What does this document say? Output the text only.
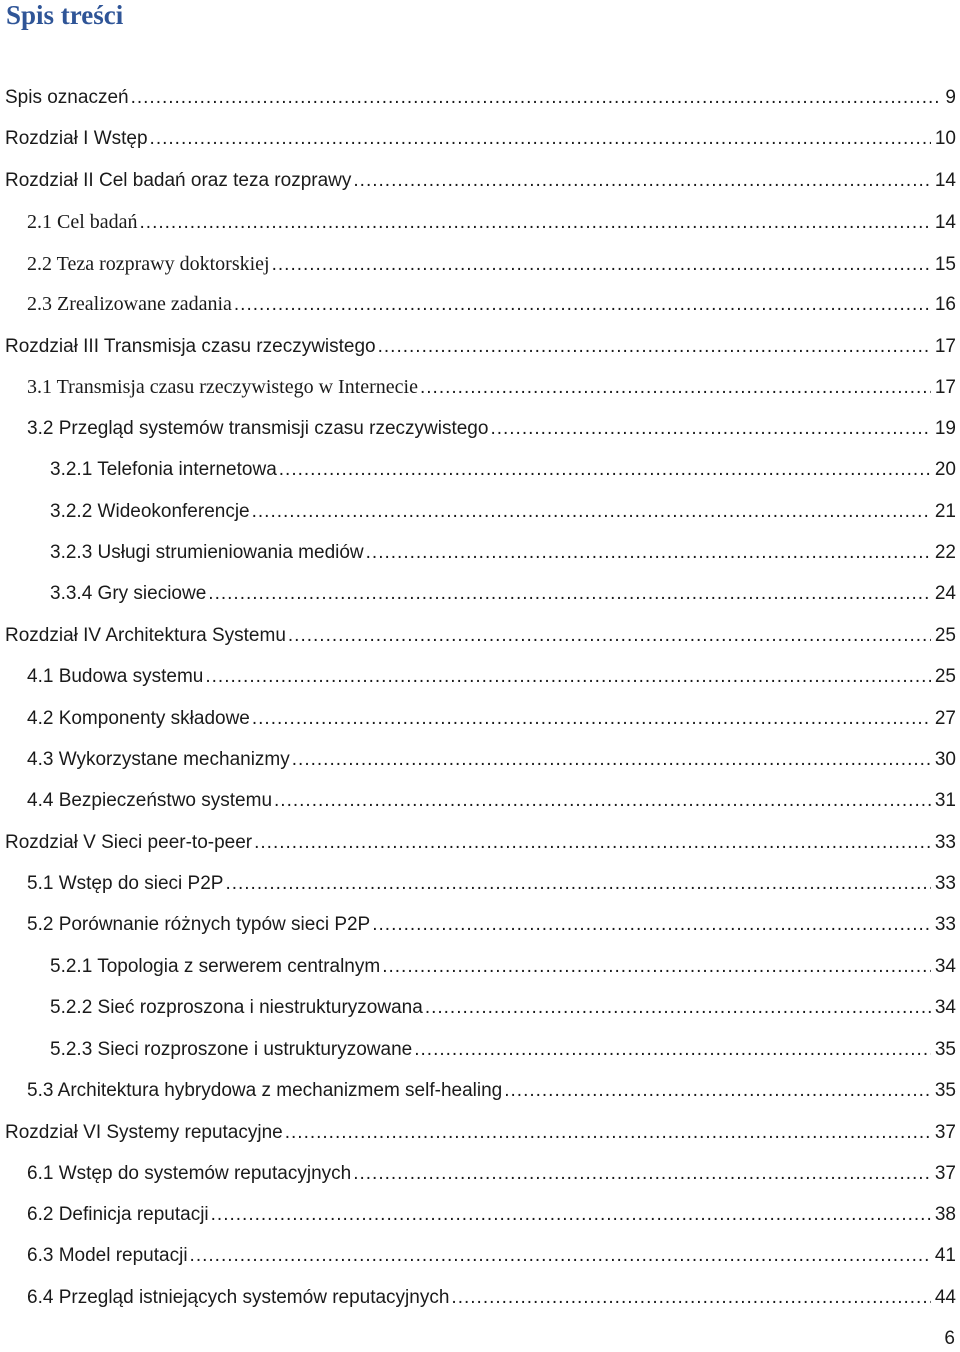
Spis treści
Spis oznaczeń .....	9
Rozdział I Wstęp .....	10
Rozdział II Cel badań oraz teza rozprawy .....	14
2.1 Cel badań .....	14
2.2 Teza rozprawy doktorskiej .....	15
2.3 Zrealizowane zadania .....	16
Rozdział III Transmisja czasu rzeczywistego .....	17
3.1 Transmisja czasu rzeczywistego w Internecie .....	17
3.2 Przegląd systemów transmisji czasu rzeczywistego .....	19
3.2.1 Telefonia internetowa .....	20
3.2.2 Wideokonferencje .....	21
3.2.3 Usługi strumieniowania mediów .....	22
3.3.4 Gry sieciowe .....	24
Rozdział IV Architektura Systemu .....	25
4.1 Budowa systemu .....	25
4.2 Komponenty składowe .....	27
4.3 Wykorzystane mechanizmy .....	30
4.4 Bezpieczeństwo systemu .....	31
Rozdział V Sieci peer-to-peer .....	33
5.1 Wstęp do sieci P2P .....	33
5.2 Porównanie różnych typów sieci P2P .....	33
5.2.1 Topologia z serwerem centralnym .....	34
5.2.2 Sieć rozproszona i niestrukturyzowana .....	34
5.2.3 Sieci rozproszone i ustrukturyzowane .....	35
5.3 Architektura hybrydowa z mechanizmem self-healing .....	35
Rozdział VI Systemy reputacyjne .....	37
6.1 Wstęp do systemów reputacyjnych .....	37
6.2 Definicja reputacji .....	38
6.3 Model reputacji .....	41
6.4 Przegląd istniejących systemów reputacyjnych .....	44
6
